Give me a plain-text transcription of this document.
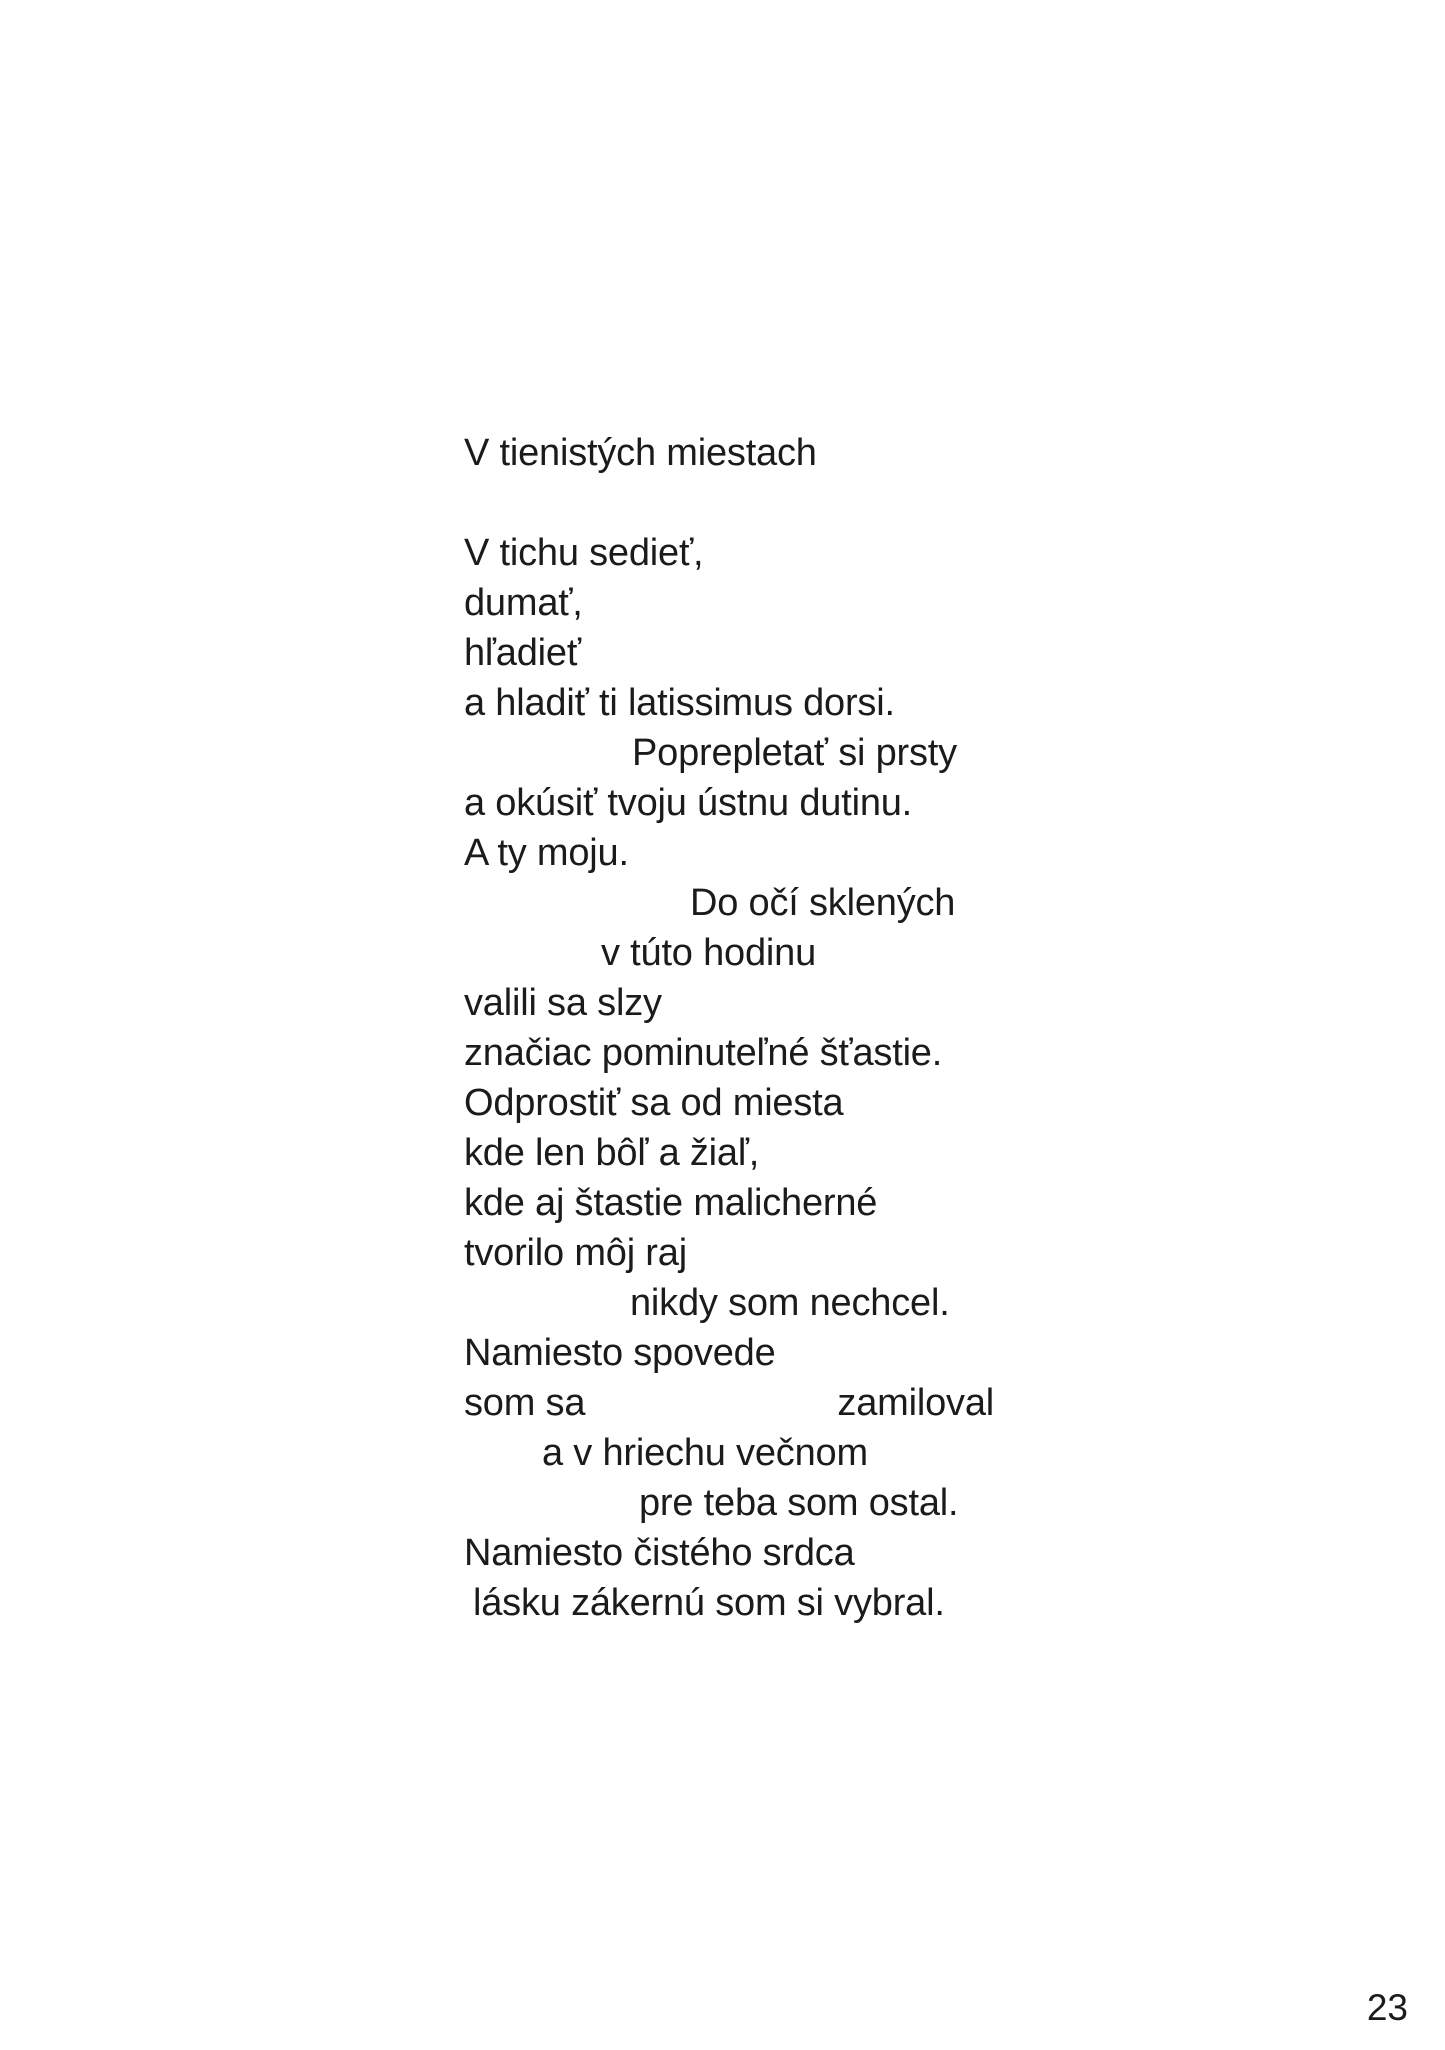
V tienistých miestach
V tichu sedieť,
dumať,
hľadieť
a hladiť ti latissimus dorsi.
Poprepletať si prsty
a okúsiť tvoju ústnu dutinu.
A ty moju.
Do očí sklených
v túto hodinu
valili sa slzy
značiac pominuteľné šťastie.
Odprostiť sa od miesta
kde len bôľ a žiaľ,
kde aj štastie malicherné
tvorilo môj raj
nikdy som nechcel.
Namiesto spovede
som sa	zamiloval
a v hriechu večnom
pre teba som ostal.
Namiesto čistého srdca
lásku zákernú som si vybral.
23
